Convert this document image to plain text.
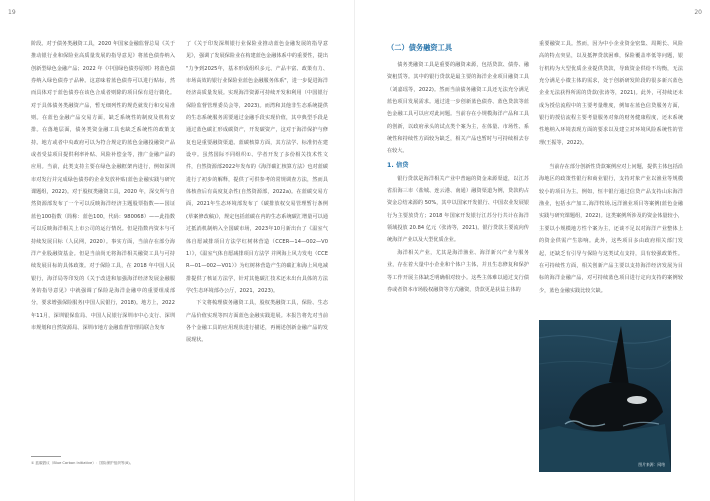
19

阶段。对于债务类融资工具，2020 年国家金融监督总局《关于推动银行业和保险业高质量发展的指导意见》将蓝色债券纳入创新型绿色金融产品；2022 年《中国绿色债券原则》将蓝色债券纳入绿色债券子品种。这意味着蓝色债券可以进行贴标，然而具体对于蓝色债券在该色合成者则除的项目保有进行微化。对于具体债务类融资产品，暂无细列性的规范就发行和交易准则。在蓝色金融产品交易方面，缺乏系统性的制度及机构安排。在落地层面，债务类资金融工具也缺乏系统性的政策支持。地方或者中央政府可以为符合规定的蓝色金融投融资产品或者受益项目提供利率补贴、风险补偿金等，推广金融产品的应用。当前，此类支持主要在绿色金融框架内进行，例如深圳市对发行并完成绿色债券的企业发放补贴(蓝色金融实践与研究课题组，2022)。对于股权类融资工具，2020 年，深交所与自然资源部发布了一个可以反映海洋经济主题股票指数——国证蓝色100指数（简称：蓝色100，代码：980068）——此指数可以反映海洋相关上市公司的运行情况。但是指数内资本与可持续发展目标（人民网，2020）。事实方面，当前存在部分海洋产业股融资基金。但是当前尚无将海洋相关融资工具与可持续发展目标的具体政策。对于保险工具，在 2018 年中国人民银行，海洋局等印发的《关于改进和加强海洋经济发展金融服务的指导意见》中就强调了保险是海洋金融中的重要组成部分，要求增强保险服务(中国人民银行，2018)。地方上，2022年11月，深圳银保监局、中国人民银行深圳市中心支行、深圳市规划和自然资源局、深圳市地方金融监督管理局联合发布

了《关于印发深圳银行业保险业推动蓝色金融发展的指导意见》，强调了发展保险业在构建蓝色金融体系中的重要性，提出 "力争到2025年，基本形成组织多元、产品丰富、政策有力、市场高效的银行业保险业蓝色金融服务体系"，进一步促进海洋经济高质量发展。实现海洋资源可持续开发和利用（中国银行保险监督管理委员会等，2023)。而湾和其他非生态系统提供的生态系统服务需要通过金融手段实现价值，其中典型手段是通过蓝色碳汇形成碳资产，开发碳资产，这对于海洋保护与修复也是重要融资渠道。蓝碳核算方面，其方法学、标准仍在建设中。虽然国际不同组织①、学者开发了多份相关技术性文件，自然资源部2022年发布的《海洋碳汇核算方法》也对蓝碳进行了初步的解释，提供了可供参考的常规调查方法，然而具体核查后有高度复杂性(自然资源部，2022a)。在蓝碳交易方面，2021年生态环境部发布了《碳排放权交易管理暂行条例(草案修改稿)》，规定包括蓝碳在内的生态系统碳汇增量可以通过抵消机制纳入全国碳市场，2023年10月新出台了《温室气体自愿减排项目方法学红树林营造（CCER—14—002—V01）》，《温室气体自愿减排项目方法学 并网海上风力发电（CCER—01—002—V01）》为红树林营造产生的碳汇和海上风电减排提供了核证方法学，针对其他碳汇技术还未出台具体的方法学(生态环境部办公厅，2021，2023)。

下文将梳理债务融资工具，股权类融资工具，保险、生态产品价值实现等四方面蓝色金融实践进展。本报告将先对当前各个金融工具的应用现状进行描述，再阐述创新金融产品的发展现状。

① 蓝碳倡议（Blue Carbon Initiative）：国际保护组织等(8)。
20
（二）债务融资工具

债务类融资工具是重要的融资来源，包括贷款、债券、融资租赁等。其中的银行贷款是最主要的海洋企业项目融资工具（刘嘉瑶等，2022)。然而当前债务融资工具还无法充分满足蓝色项目发展需求。通过进一步创新蓝色债券、蓝色贷款等蓝色金融工具可以应对此问题。当前存在小规模海洋产品和工具的创新，以政府承头的试点类个案为主，在体量、市场性、系统性和持续性方面较为缺乏，相关产品也暂时与可持续相去存在较大。

1. 信贷

银行贷款是海洋相关产业中普遍的资金来源渠道，以江苏省沿海三市（盐城、连云港、南通）融资渠道为例，贷款约占资金总结来源的 50%，其中以国家开发银行、中国农业发展银行为主要放贷方；2018 年国家开发银行江苏分行共计在海洋领域投放 20.84 亿元（张涛等，2021)。银行贷款主要流向传统海洋产业以及大型优质企业。

海洋相关产业，尤其是海洋渔业、海洋新兴产业与服务业，存在着大量中小企业和个体户主体，并且生态修复和保护等工作开展主体缺乏明确相对较小。这些主体难以通过支行债券或者资本市场股权融资等方式融资，贷款更是获益主体的

重要融资工具。然而，因为中小企业资金密集、周期长、风险高的特点突显，以及抵押贷款困难，保险覆盖率低等问题，银行机构为大型优质企业提供贷款，导致资金供给不均衡，无法充分满足小微主体的需求，处于创新研发阶段的很多新兴蓝色企业无法获得所需的贷款(张涛等，2021)。此外，可持续还未成为授信流程中的主要考量维度，例如在蓝色信贷服务方面，银行的授信流程主要考量服务对象的财务健康程度，还未系统性地纳入环境表现方面的要求以及建立对环境风险系统性的管理(王振等，2022)。

当前存在部分创新性贷款案例应对上问题，提供主体包括沿海地区的政策性银行和商业银行，支持对象产业以渔业等规模较小的项目为主。例如，恒丰银行通过信贷产品支持山东海洋渔业，包括水产加工,海洋牧场,远洋渔业项目等案例(蓝色金融实践与研究课题组，2022)。这类案例所涉及的资金体量较小，主要以小规模地方性个案为主，还谈不足以对海洋产业整体上的资金供需产生影响。此外，这些项目多由政府相关部门发起，还缺乏有引导与保险与这类试点支持，具有较强政策性。在可持续性方面，相关创新产品主要以支持海洋经济发展为目标的海洋金融产品，对可持续蓝色项目进行定向支持的案例较少，蓝色金融实践比较欠缺。

图片来源：网络
